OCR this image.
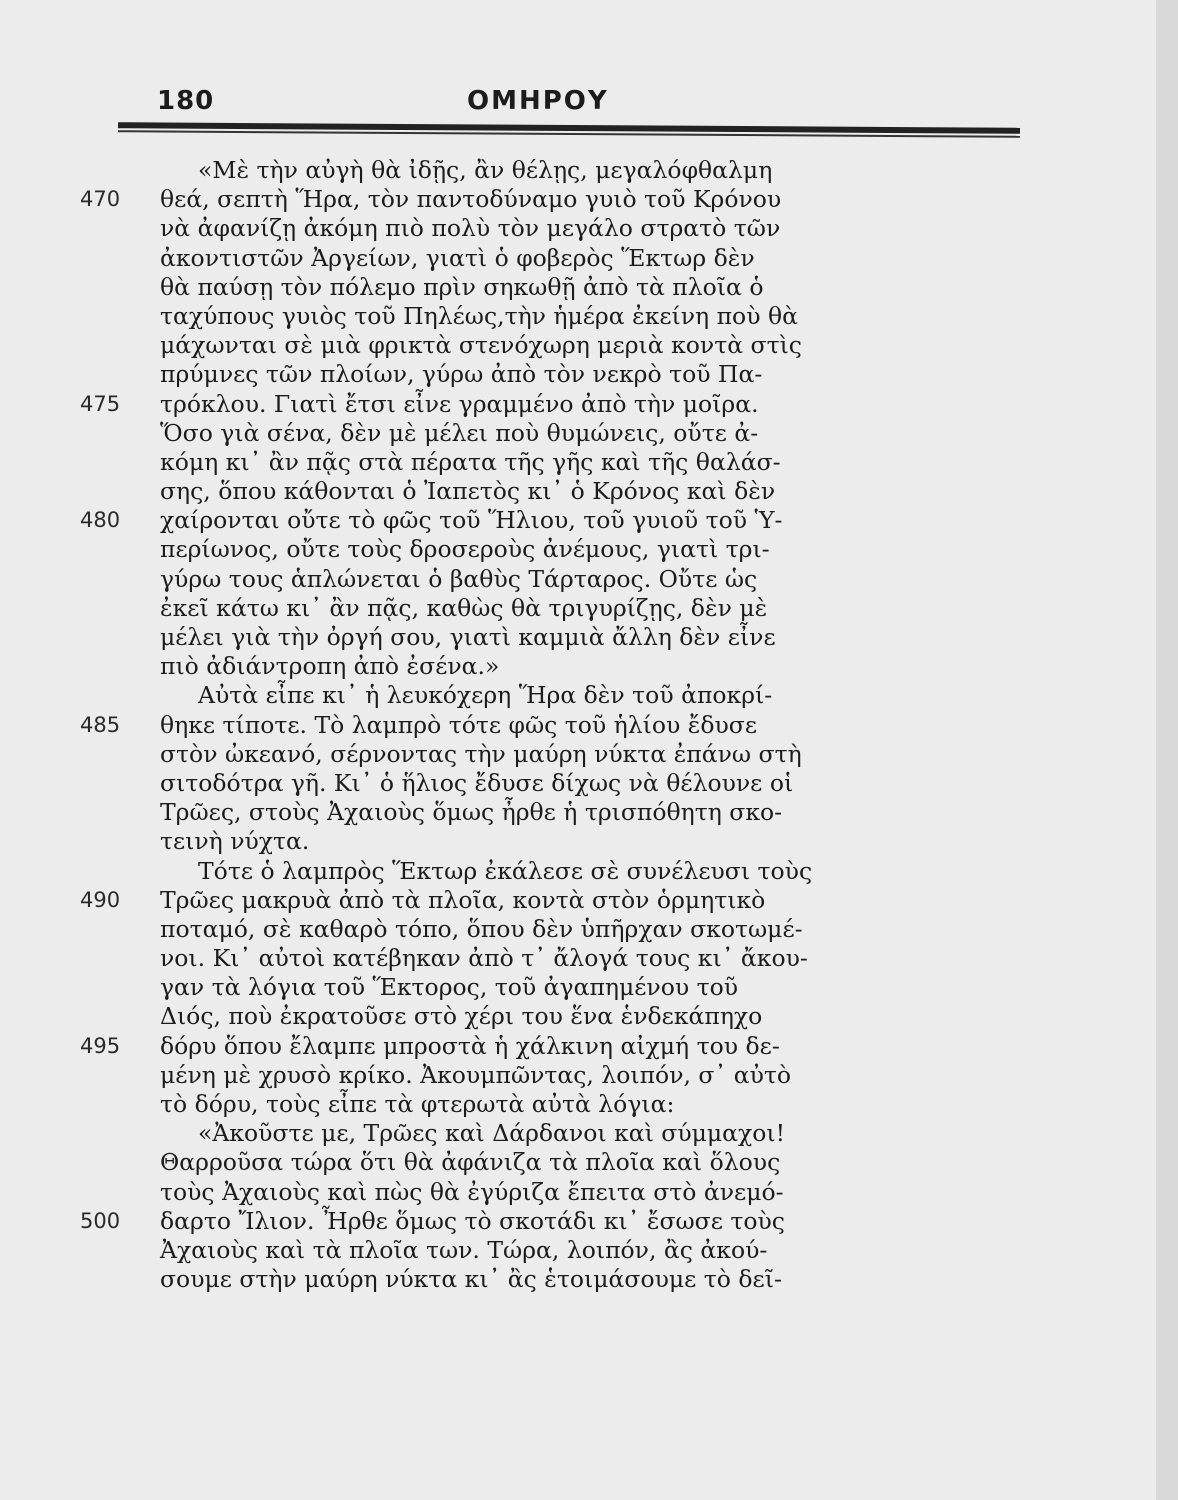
180	ΟΜΗΡΟΥ
«Μὲ τὴν αὐγὴ θὰ ἰδῇς, ἂν θέλῃς, μεγαλόφθαλμη
470	θεά, σεπτὴ Ἥρα, τὸν παντοδύναμο γυιὸ τοῦ Κρόνου
νὰ ἀφανίζῃ ἀκόμη πιὸ πολὺ τὸν μεγάλο στρατὸ τῶν
ἀκοντιστῶν Ἀργείων, γιατὶ ὁ φοβερὸς Ἕκτωρ δὲν
θὰ παύσῃ τὸν πόλεμο πρὶν σηκωθῇ ἀπὸ τὰ πλοῖα ὁ
ταχύπους γυιὸς τοῦ Πηλέως,τὴν ἡμέρα ἐκείνη ποὺ θὰ
μάχωνται σὲ μιὰ φρικτὰ στενόχωρη μεριὰ κοντὰ στὶς
πρύμνες τῶν πλοίων, γύρω ἀπὸ τὸν νεκρὸ τοῦ Πα-
475	τρόκλου. Γιατὶ ἔτσι εἶνε γραμμένο ἀπὸ τὴν μοῖρα.
Ὅσο γιὰ σένα, δὲν μὲ μέλει ποὺ θυμώνεις, οὔτε ἀ-
κόμη κι᾿ ἂν πᾷς στὰ πέρατα τῆς γῆς καὶ τῆς θαλάσ-
σης, ὅπου κάθονται ὁ Ἰαπετὸς κι᾿ ὁ Κρόνος καὶ δὲν
480	χαίρονται οὔτε τὸ φῶς τοῦ Ἥλιου, τοῦ γυιοῦ τοῦ Ὑ-
περίωνος, οὔτε τοὺς δροσεροὺς ἀνέμους, γιατὶ τρι-
γύρω τους ἁπλώνεται ὁ βαθὺς Τάρταρος. Οὔτε ὡς
ἐκεῖ κάτω κι᾿ ἂν πᾷς, καθὼς θὰ τριγυρίζῃς, δὲν μὲ
μέλει γιὰ τὴν ὀργή σου, γιατὶ καμμιὰ ἄλλη δὲν εἶνε
πιὸ ἀδιάντροπη ἀπὸ ἐσένα.»
Αὐτὰ εἶπε κι᾿ ἡ λευκόχερη Ἥρα δὲν τοῦ ἀποκρί-
485	θηκε τίποτε. Τὸ λαμπρὸ τότε φῶς τοῦ ἡλίου ἔδυσε
στὸν ὠκεανό, σέρνοντας τὴν μαύρη νύκτα ἐπάνω στὴ
σιτοδότρα γῆ. Κι᾿ ὁ ἥλιος ἔδυσε δίχως νὰ θέλουνε οἱ
Τρῶες, στοὺς Ἀχαιοὺς ὅμως ἦρθε ἡ τρισπόθητη σκο-
τεινὴ νύχτα.
Τότε ὁ λαμπρὸς Ἕκτωρ ἐκάλεσε σὲ συνέλευσι τοὺς
490	Τρῶες μακρυὰ ἀπὸ τὰ πλοῖα, κοντὰ στὸν ὁρμητικὸ
ποταμό, σὲ καθαρὸ τόπο, ὅπου δὲν ὑπῆρχαν σκοτωμέ-
νοι. Κι᾿ αὐτοὶ κατέβηκαν ἀπὸ τ᾿ ἄλογά τους κι᾿ ἄκου-
γαν τὰ λόγια τοῦ Ἕκτορος, τοῦ ἀγαπημένου τοῦ
Διός, ποὺ ἐκρατοῦσε στὸ χέρι του ἕνα ἑνδεκάπηχο
495	δόρυ ὅπου ἔλαμπε μπροστὰ ἡ χάλκινη αἰχμή του δε-
μένη μὲ χρυσὸ κρίκο. Ἀκουμπῶντας, λοιπόν, σ᾿ αὐτὸ
τὸ δόρυ, τοὺς εἶπε τὰ φτερωτὰ αὐτὰ λόγια:
«Ἀκοῦστε με, Τρῶες καὶ Δάρδανοι καὶ σύμμαχοι!
Θαρροῦσα τώρα ὅτι θὰ ἀφάνιζα τὰ πλοῖα καὶ ὅλους
τοὺς Ἀχαιοὺς καὶ πὼς θὰ ἐγύριζα ἔπειτα στὸ ἀνεμό-
500	δαρτο Ἴλιον. Ἦρθε ὅμως τὸ σκοτάδι κι᾿ ἔσωσε τοὺς
Ἀχαιοὺς καὶ τὰ πλοῖα των. Τώρα, λοιπόν, ἂς ἀκού-
σουμε στὴν μαύρη νύκτα κι᾿ ἂς ἑτοιμάσουμε τὸ δεῖ-
